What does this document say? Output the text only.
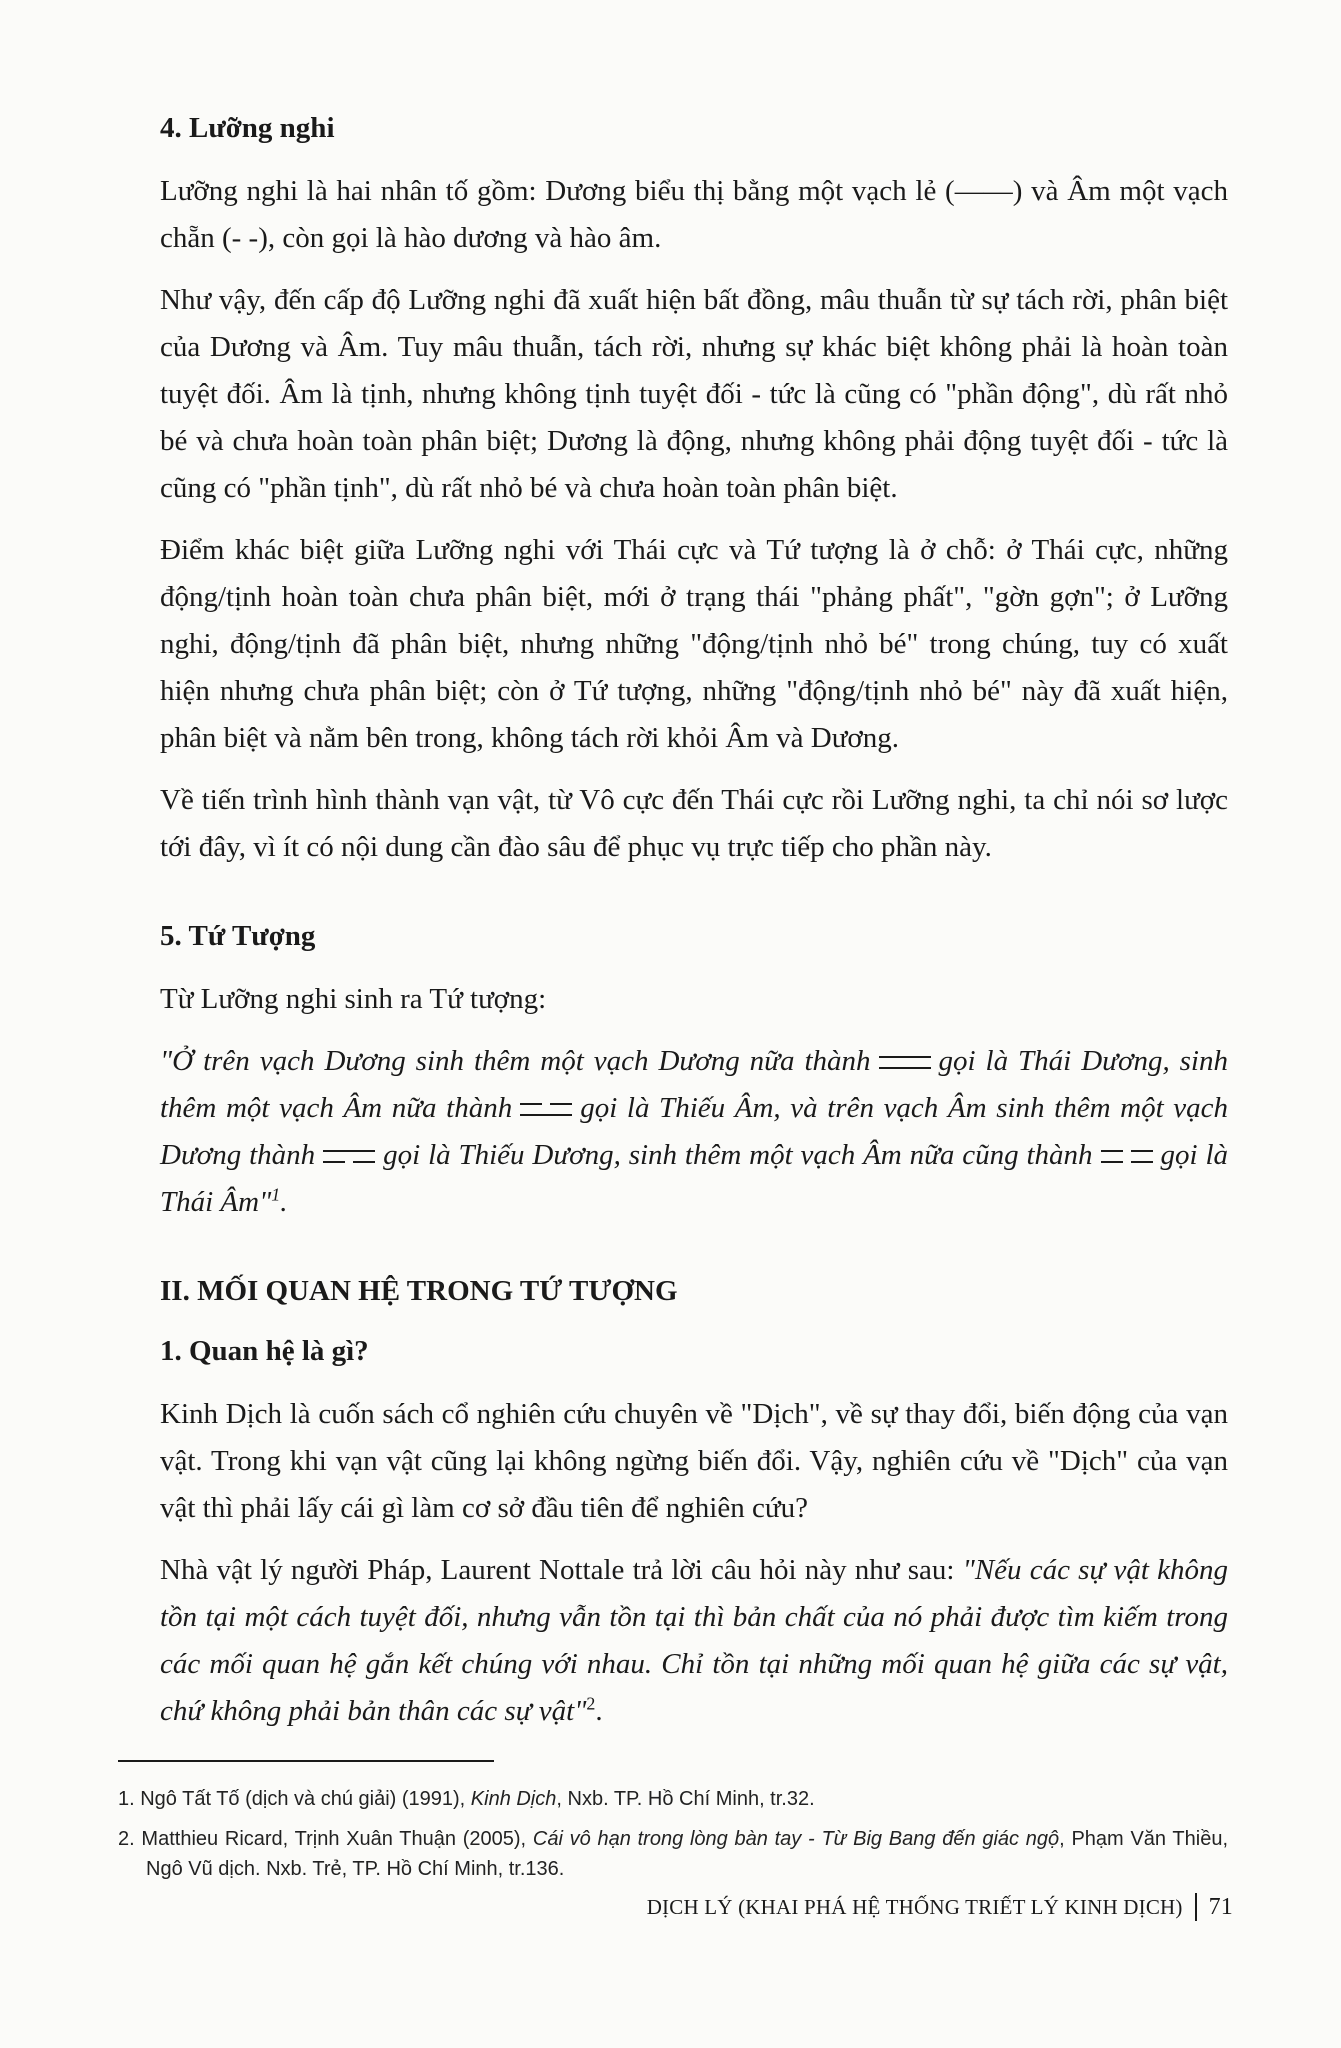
4. Lưỡng nghi

Lưỡng nghi là hai nhân tố gồm: Dương biểu thị bằng một vạch lẻ (——) và Âm một vạch chẵn (- -), còn gọi là hào dương và hào âm.

Như vậy, đến cấp độ Lưỡng nghi đã xuất hiện bất đồng, mâu thuẫn từ sự tách rời, phân biệt của Dương và Âm. Tuy mâu thuẫn, tách rời, nhưng sự khác biệt không phải là hoàn toàn tuyệt đối. Âm là tịnh, nhưng không tịnh tuyệt đối - tức là cũng có "phần động", dù rất nhỏ bé và chưa hoàn toàn phân biệt; Dương là động, nhưng không phải động tuyệt đối - tức là cũng có "phần tịnh", dù rất nhỏ bé và chưa hoàn toàn phân biệt.

Điểm khác biệt giữa Lưỡng nghi với Thái cực và Tứ tượng là ở chỗ: ở Thái cực, những động/tịnh hoàn toàn chưa phân biệt, mới ở trạng thái "phảng phất", "gờn gợn"; ở Lưỡng nghi, động/tịnh đã phân biệt, nhưng những "động/tịnh nhỏ bé" trong chúng, tuy có xuất hiện nhưng chưa phân biệt; còn ở Tứ tượng, những "động/tịnh nhỏ bé" này đã xuất hiện, phân biệt và nằm bên trong, không tách rời khỏi Âm và Dương.

Về tiến trình hình thành vạn vật, từ Vô cực đến Thái cực rồi Lưỡng nghi, ta chỉ nói sơ lược tới đây, vì ít có nội dung cần đào sâu để phục vụ trực tiếp cho phần này.

5. Tứ Tượng

Từ Lưỡng nghi sinh ra Tứ tượng:

"Ở trên vạch Dương sinh thêm một vạch Dương nữa thành gọi là Thái Dương, sinh thêm một vạch Âm nữa thành gọi là Thiếu Âm, và trên vạch Âm sinh thêm một vạch Dương thành gọi là Thiếu Dương, sinh thêm một vạch Âm nữa cũng thành gọi là Thái Âm"$^1$.

II. MỐI QUAN HỆ TRONG TỨ TƯỢNG
1. Quan hệ là gì?

Kinh Dịch là cuốn sách cổ nghiên cứu chuyên về "Dịch", về sự thay đổi, biến động của vạn vật. Trong khi vạn vật cũng lại không ngừng biến đổi. Vậy, nghiên cứu về "Dịch" của vạn vật thì phải lấy cái gì làm cơ sở đầu tiên để nghiên cứu?

Nhà vật lý người Pháp, Laurent Nottale trả lời câu hỏi này như sau: "Nếu các sự vật không tồn tại một cách tuyệt đối, nhưng vẫn tồn tại thì bản chất của nó phải được tìm kiếm trong các mối quan hệ gắn kết chúng với nhau. Chỉ tồn tại những mối quan hệ giữa các sự vật, chứ không phải bản thân các sự vật"$^2$.

1. Ngô Tất Tố (dịch và chú giải) (1991), Kinh Dịch, Nxb. TP. Hồ Chí Minh, tr.32.

2. Matthieu Ricard, Trịnh Xuân Thuận (2005), Cái vô hạn trong lòng bàn tay - Từ Big Bang đến giác ngộ, Phạm Văn Thiều, Ngô Vũ dịch. Nxb. Trẻ, TP. Hồ Chí Minh, tr.136.

DỊCH LÝ (KHAI PHÁ HỆ THỐNG TRIẾT LÝ KINH DỊCH) 71
